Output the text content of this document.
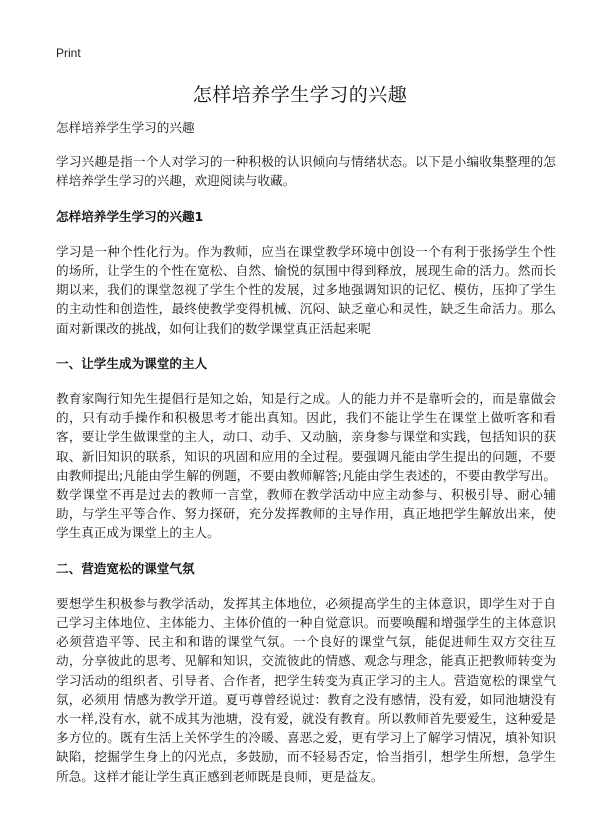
Print
怎样培养学生学习的兴趣

怎样培养学生学习的兴趣

学习兴趣是指一个人对学习的一种积极的认识倾向与情绪状态。以下是小编收集整理的怎样培养学生学习的兴趣，欢迎阅读与收藏。

怎样培养学生学习的兴趣1

学习是一种个性化行为。作为教师，应当在课堂教学环境中创设一个有利于张扬学生个性的场所，让学生的个性在宽松、自然、愉悦的氛围中得到释放，展现生命的活力。然而长期以来，我们的课堂忽视了学生个性的发展，过多地强调知识的记忆、模仿，压抑了学生的主动性和创造性，最终使教学变得机械、沉闷、缺乏童心和灵性，缺乏生命活力。那么面对新课改的挑战，如何让我们的数学课堂真正活起来呢

一、让学生成为课堂的主人

教育家陶行知先生提倡行是知之始，知是行之成。人的能力并不是靠听会的，而是靠做会的，只有动手操作和积极思考才能出真知。因此，我们不能让学生在课堂上做听客和看客，要让学生做课堂的主人，动口、动手、又动脑，亲身参与课堂和实践，包括知识的获取、新旧知识的联系，知识的巩固和应用的全过程。要强调凡能由学生提出的问题，不要由教师提出;凡能由学生解的例题，不要由教师解答;凡能由学生表述的，不要由教学写出。数学课堂不再是过去的教师一言堂，教师在教学活动中应主动参与、积极引导、耐心辅助，与学生平等合作、努力探研，充分发挥教师的主导作用，真正地把学生解放出来，使学生真正成为课堂上的主人。

二、营造宽松的课堂气氛

要想学生积极参与教学活动，发挥其主体地位，必须提高学生的主体意识，即学生对于自己学习主体地位、主体能力、主体价值的一种自觉意识。而要唤醒和增强学生的主体意识必须营造平等、民主和和谐的课堂气氛。一个良好的课堂气氛，能促进师生双方交往互动，分享彼此的思考、见解和知识，交流彼此的情感、观念与理念，能真正把教师转变为学习活动的组织者、引导者、合作者，把学生转变为真正学习的主人。营造宽松的课堂气氛，必须用 情感为教学开道。夏丏尊曾经说过：教育之没有感情，没有爱，如同池塘没有水一样,没有水，就不成其为池塘，没有爱，就没有教育。所以教师首先要爱生，这种爱是多方位的。既有生活上关怀学生的冷暖、喜恶之爱，更有学习上了解学习情况，填补知识缺陷，挖掘学生身上的闪光点，多鼓励，而不轻易否定，恰当指引，想学生所想，急学生所急。这样才能让学生真正感到老师既是良师，更是益友。
